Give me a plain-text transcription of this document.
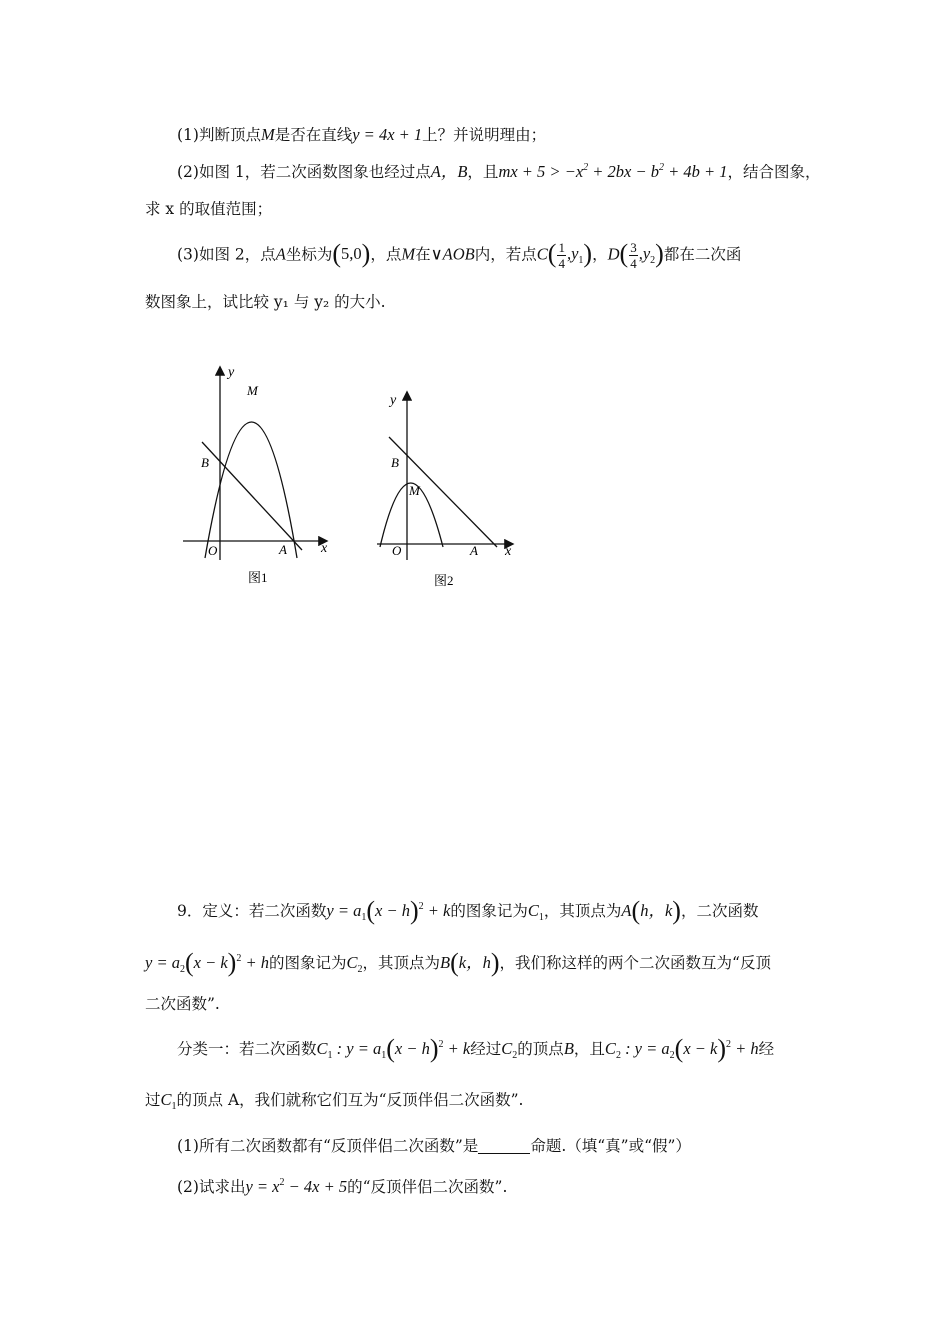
(1)判断顶点M是否在直线y = 4x + 1上？并说明理由；
(2)如图 1，若二次函数图象也经过点A，B，且mx + $5 > -x^2 + 2bx - b^2 + 4b + 1$，结合图象，
求 x 的取值范围；
(3)如图 2，点A坐标为(5,0)，点M在∨AOB内，若点$C( \frac{1}{4} ,y_1)$，$D( \frac{3}{4} ,y_2)$都在二次函
数图象上，试比较 y₁ 与 y₂ 的大小.
y
M
B
O	A x
图1
y
B
M
O	A x
图2
9．定义：若二次函数$y = a_1(x - h)^2 + k$的图象记为$C_1$，其顶点为A(h，k)，二次函数
$y = a_2(x - k)^2 + h$的图象记为$C_2$，其顶点为B(k，h)，我们称这样的两个二次函数互为“反顶
二次函数”.
分类一：若二次函数$C_1$ : $y = a_1(x - h)^2 + k$经过$C_2$的顶点B，且$C_2$ : $y = a_2(x - k)^2 + h$经
过$C_1$的顶点 A，我们就称它们互为“反顶伴侣二次函数”.
(1)所有二次函数都有“反顶伴侣二次函数”是	命题.（填“真”或“假”）
(2)试求出$y = x^2 - 4x + 5$的“反顶伴侣二次函数”.
